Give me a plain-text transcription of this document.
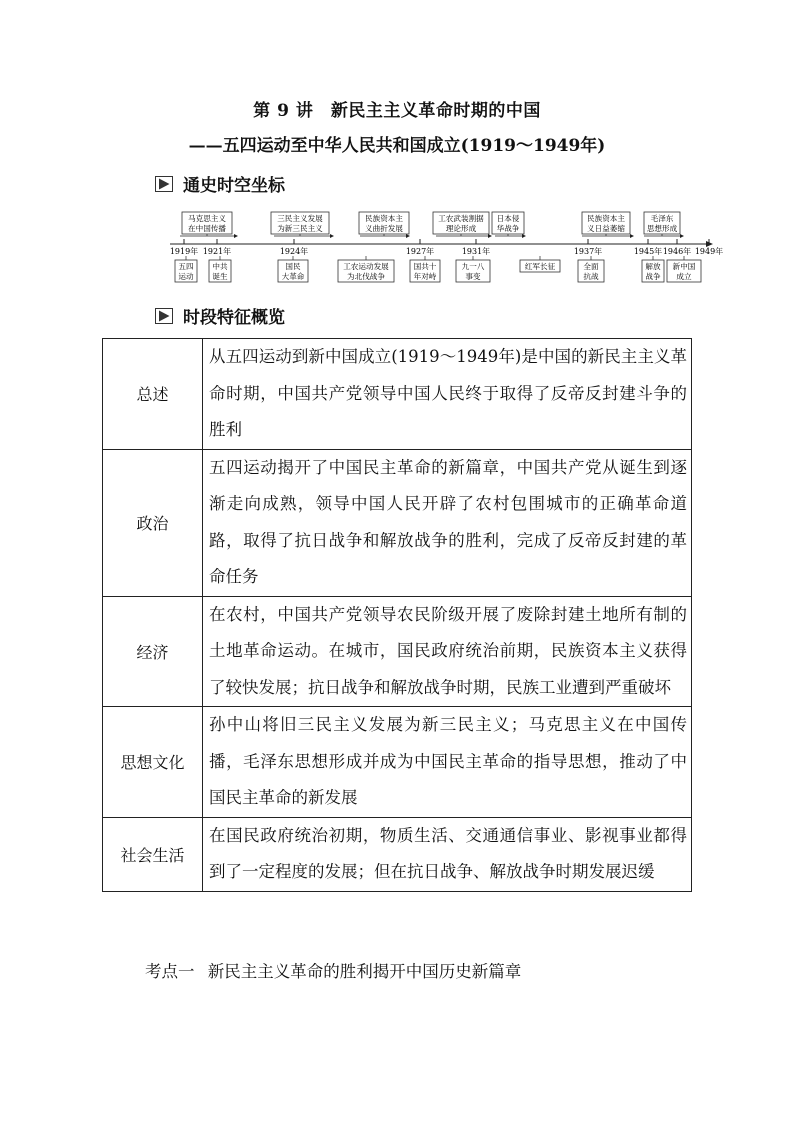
第 9 讲　新民主主义革命时期的中国
——五四运动至中华人民共和国成立(1919～1949年)
通史时空坐标
1919年 1921年	1924年	1927年	1931年	1937年	1945年 1946年 1949年
马克思主义
在中国传播
三民主义发展
为新三民主义
民族资本主
义曲折发展
工农武装割据
理论形成
日本侵
华战争
民族资本主
义日益萎缩
毛泽东
思想形成
五四
运动
中共
诞生
国民
大革命
工农运动发展
为北伐战争
国共十
年对峙
九一八
事变
红军长征	全面
抗战
解放
战争
新中国
成立
时段特征概览
总述	从五四运动到新中国成立(1919～1949年)是中国的新民主主义革命时期，中国共产党领导中国人民终于取得了反帝反封建斗争的胜利
政治	五四运动揭开了中国民主革命的新篇章，中国共产党从诞生到逐渐走向成熟，领导中国人民开辟了农村包围城市的正确革命道路，取得了抗日战争和解放战争的胜利，完成了反帝反封建的革命任务
经济	在农村，中国共产党领导农民阶级开展了废除封建土地所有制的土地革命运动。在城市，国民政府统治前期，民族资本主义获得了较快发展；抗日战争和解放战争时期，民族工业遭到严重破坏
思想文化	孙中山将旧三民主义发展为新三民主义；马克思主义在中国传播，毛泽东思想形成并成为中国民主革命的指导思想，推动了中国民主革命的新发展
社会生活	在国民政府统治初期，物质生活、交通通信事业、影视事业都得到了一定程度的发展；但在抗日战争、解放战争时期发展迟缓
考点一 新民主主义革命的胜利揭开中国历史新篇章
